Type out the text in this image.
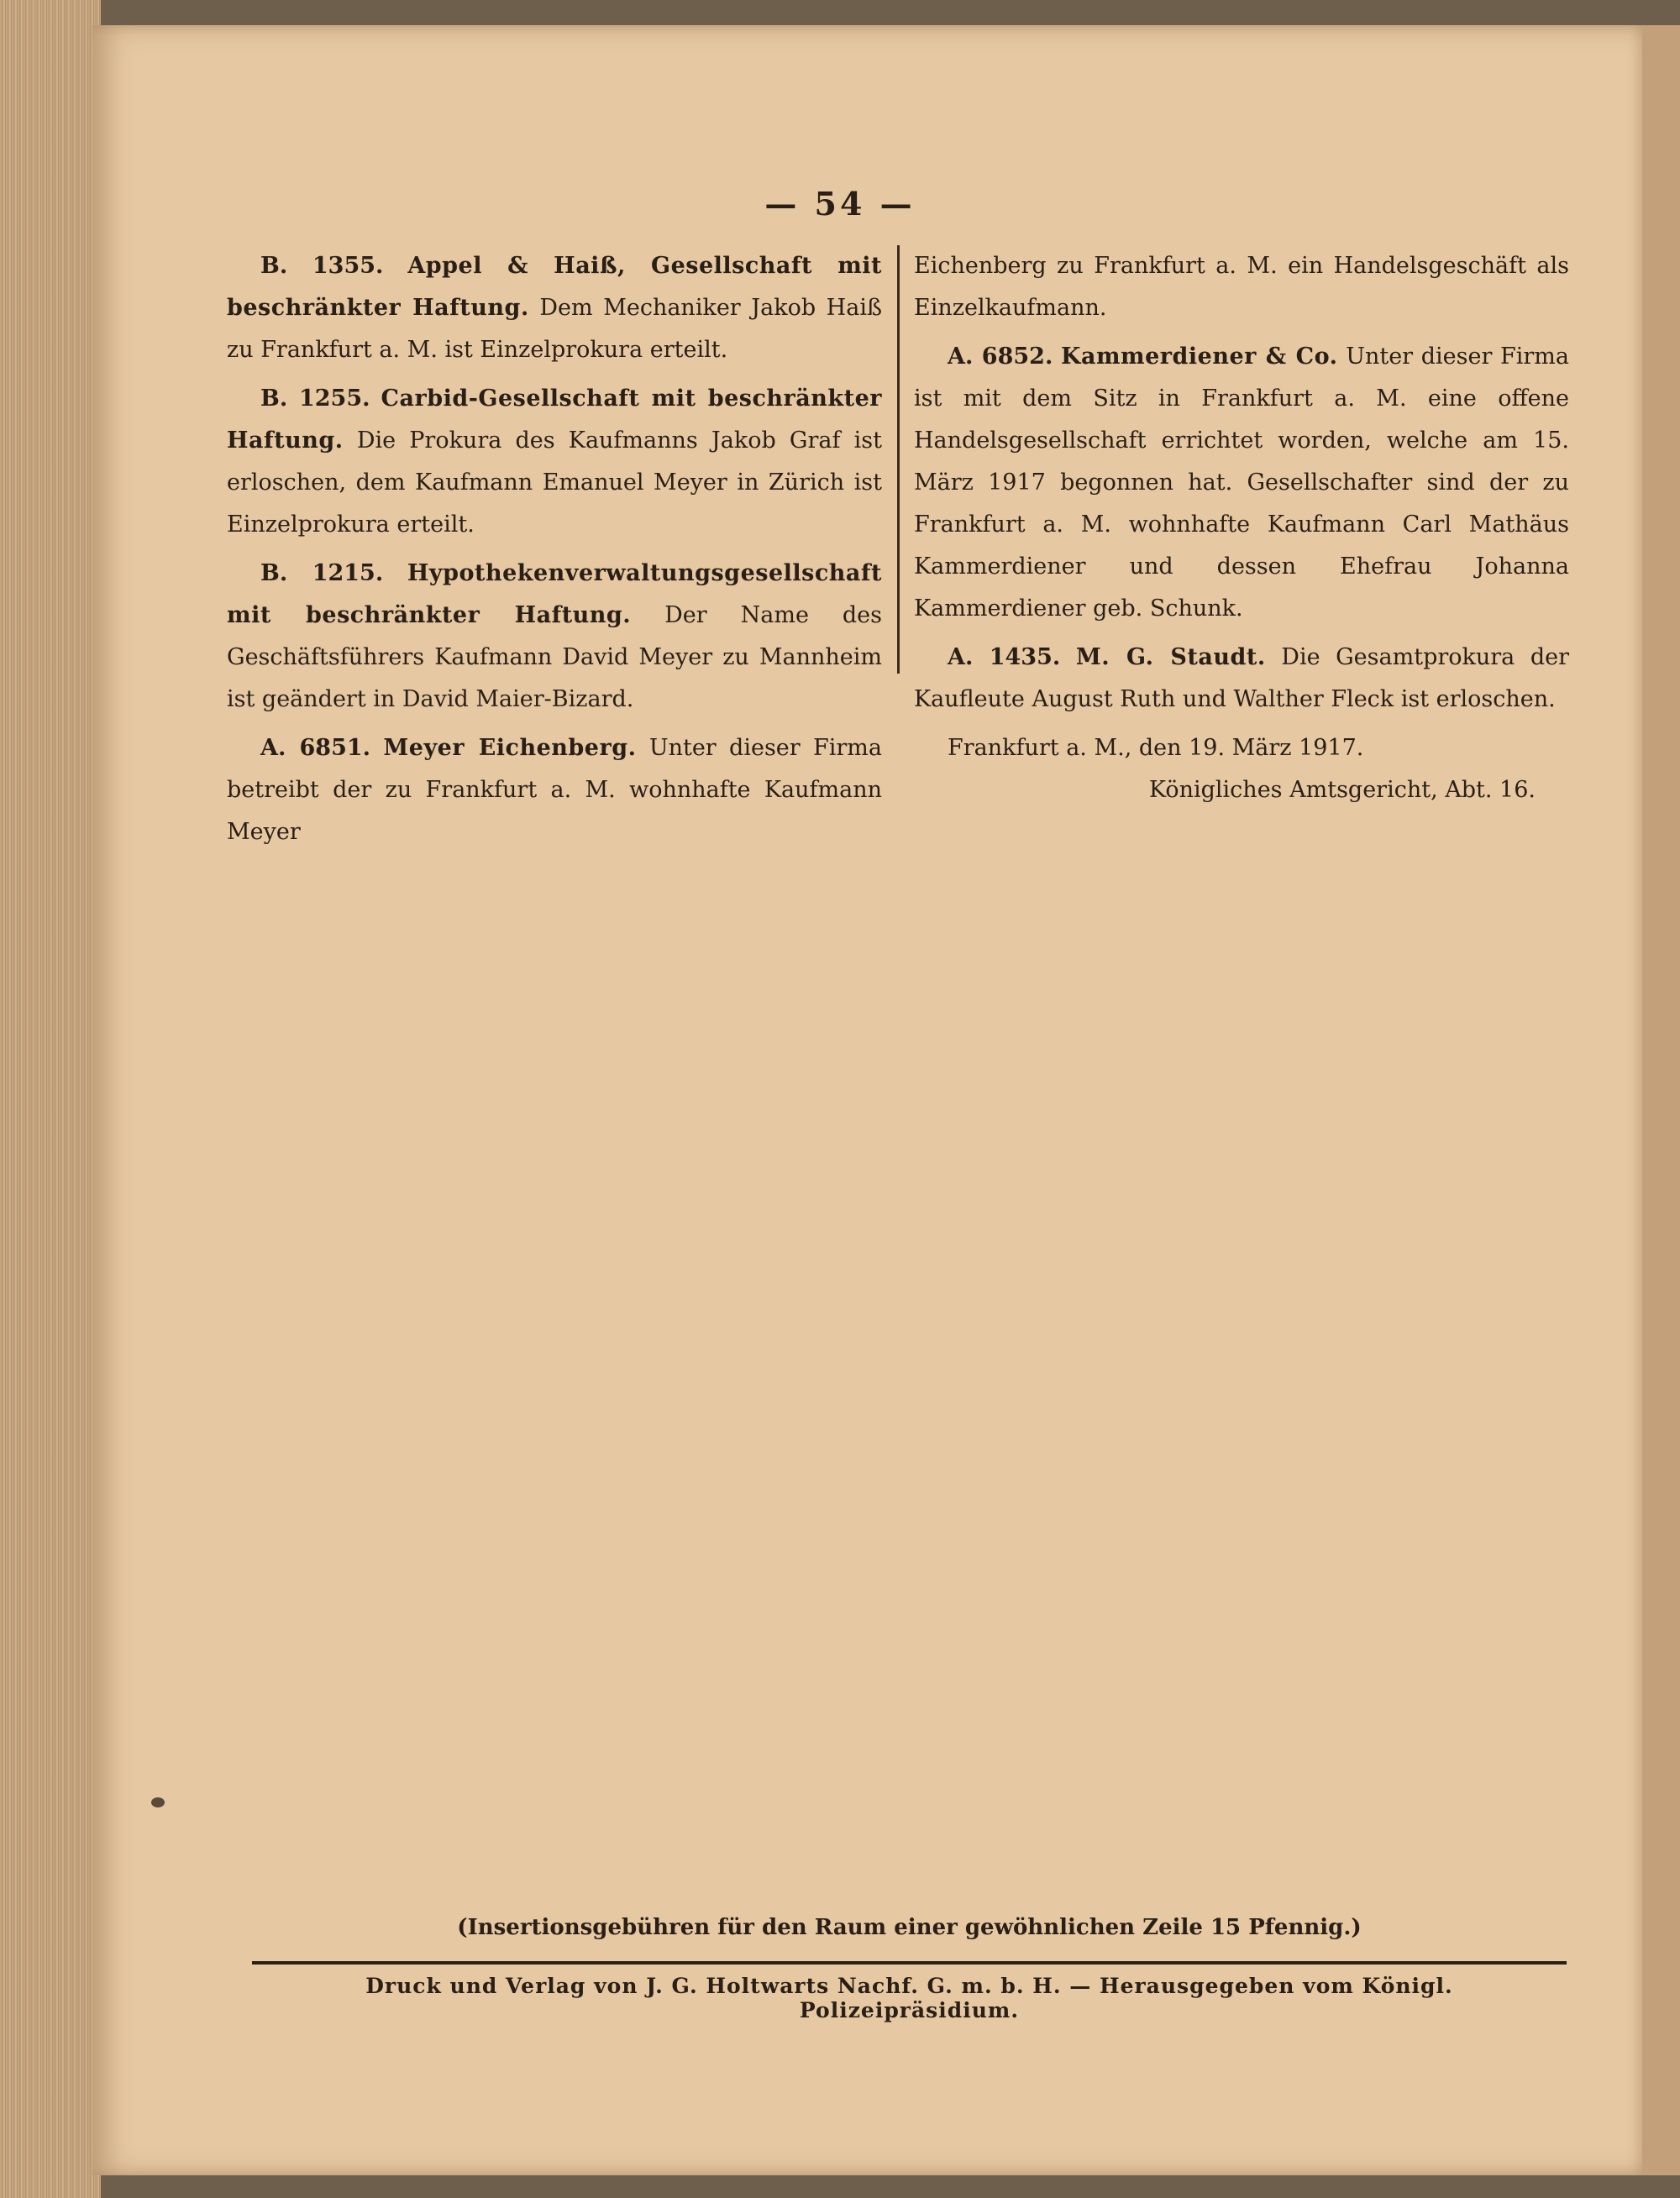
— 54 —

B. 1355. Appel & Haiß, Gesellschaft mit beschränkter Haftung. Dem Mechaniker Jakob Haiß zu Frankfurt a. M. ist Einzelprokura erteilt.

B. 1255. Carbid-Gesellschaft mit beschränkter Haftung. Die Prokura des Kaufmanns Jakob Graf ist erloschen, dem Kaufmann Emanuel Meyer in Zürich ist Einzelprokura erteilt.

B. 1215. Hypothekenverwaltungsgesellschaft mit beschränkter Haftung. Der Name des Geschäftsführers Kaufmann David Meyer zu Mannheim ist geändert in David Maier-Bizard.

A. 6851. Meyer Eichenberg. Unter dieser Firma betreibt der zu Frankfurt a. M. wohnhafte Kaufmann Meyer

Eichenberg zu Frankfurt a. M. ein Handelsgeschäft als Einzelkaufmann.

A. 6852. Kammerdiener & Co. Unter dieser Firma ist mit dem Sitz in Frankfurt a. M. eine offene Handelsgesellschaft errichtet worden, welche am 15. März 1917 begonnen hat. Gesellschafter sind der zu Frankfurt a. M. wohnhafte Kaufmann Carl Mathäus Kammerdiener und dessen Ehefrau Johanna Kammerdiener geb. Schunk.

A. 1435. M. G. Staudt. Die Gesamtprokura der Kaufleute August Ruth und Walther Fleck ist erloschen.

Frankfurt a. M., den 19. März 1917.

Königliches Amtsgericht, Abt. 16.

(Insertionsgebühren für den Raum einer gewöhnlichen Zeile 15 Pfennig.)
Druck und Verlag von J. G. Holtwarts Nachf. G. m. b. H. — Herausgegeben vom Königl. Polizeipräsidium.
